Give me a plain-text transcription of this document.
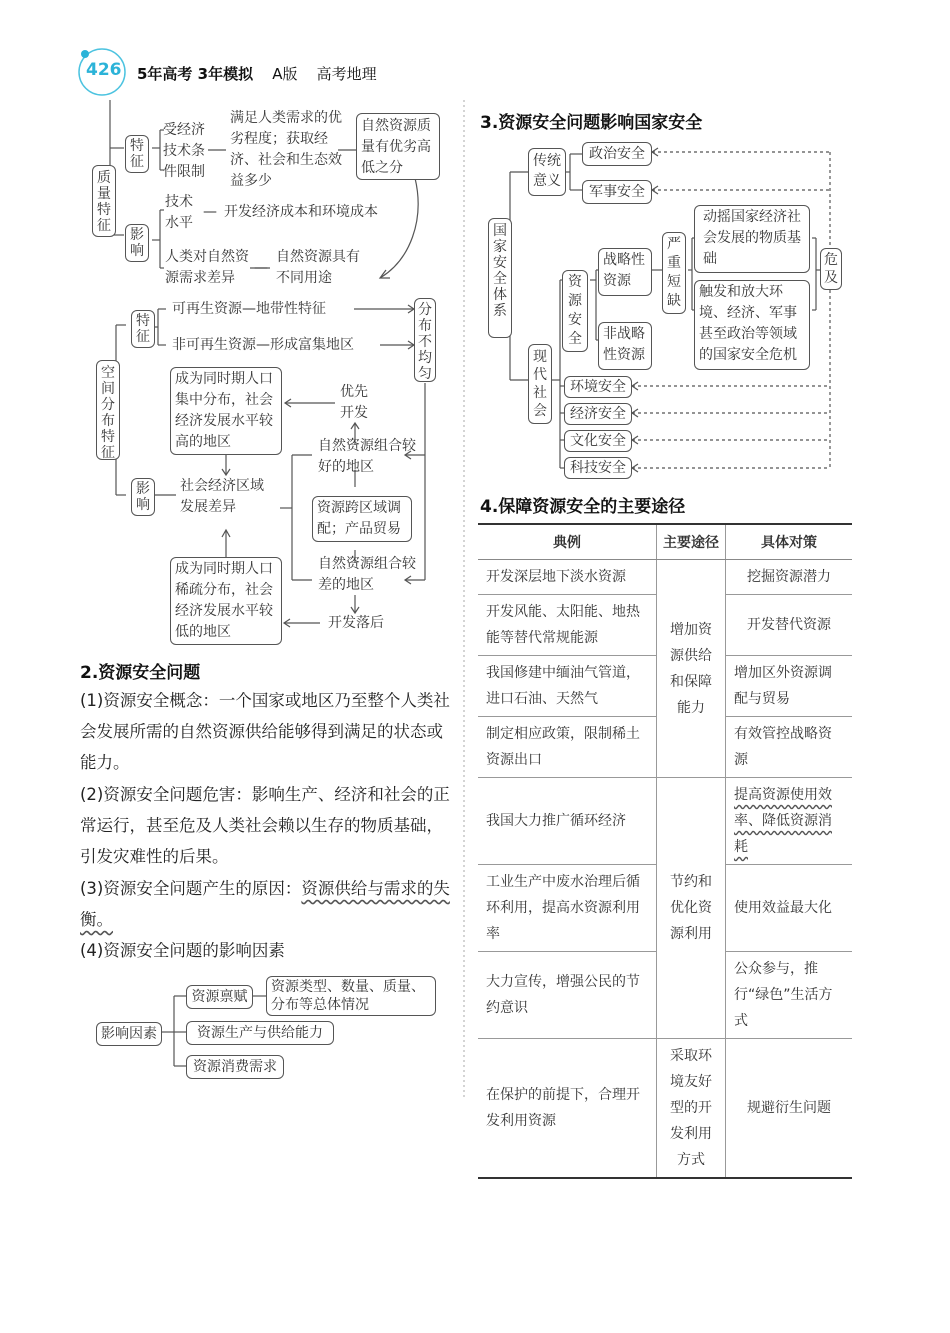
426 5年高考 3年模拟 A版 高考地理
质量特征
特征
受经济技术条件限制
满足人类需求的优劣程度；获取经济、社会和生态效益多少
自然资源质量有优劣高低之分
影响
技术水平
— 开发经济成本和环境成本
人类对自然资源需求差异
—
自然资源具有不同用途
空间分布特征
特征
可再生资源—地带性特征
非可再生资源—形成富集地区
分布不均匀
影响
成为同时期人口集中分布，社会经济发展水平较高的地区
优先开发
自然资源组合较好的地区
社会经济区域发展差异	资源跨区域调配；产品贸易
自然资源组合较差的地区
成为同时期人口稀疏分布，社会经济发展水平较低的地区
开发落后
2.资源安全问题
(1)资源安全概念：一个国家或地区乃至整个人类社会发展所需的自然资源供给能够得到满足的状态或能力。
(2)资源安全问题危害：影响生产、经济和社会的正常运行，甚至危及人类社会赖以生存的物质基础，引发灾难性的后果。
(3)资源安全问题产生的原因：资源供给与需求的失衡。
(4)资源安全问题的影响因素
影响因素
资源禀赋
资源类型、数量、质量、分布等总体情况
资源生产与供给能力
资源消费需求
3.资源安全问题影响国家安全
国家安全体系
传统意义
政治安全
军事安全
现代社会
资源安全
战略性资源
非战略性资源
严重短缺
动摇国家经济社会发展的物质基础
触发和放大环境、经济、军事甚至政治等领域的国家安全危机
危及
环境安全
经济安全
文化安全
科技安全
4.保障资源安全的主要途径
典例	主要途径	具体对策
开发深层地下淡水资源	增加资源供给和保障能力	挖掘资源潜力
开发风能、太阳能、地热能等替代常规能源		开发替代资源
我国修建中缅油气管道，进口石油、天然气		增加区外资源调配与贸易
制定相应政策，限制稀土资源出口		有效管控战略资源
我国大力推广循环经济	节约和优化资源利用	提高资源使用效率、降低资源消耗
工业生产中废水治理后循环利用，提高水资源利用率		使用效益最大化
大力宣传，增强公民的节约意识		公众参与，推行“绿色”生活方式
在保护的前提下，合理开发利用资源	采取环境友好型的开发利用方式	规避衍生问题
